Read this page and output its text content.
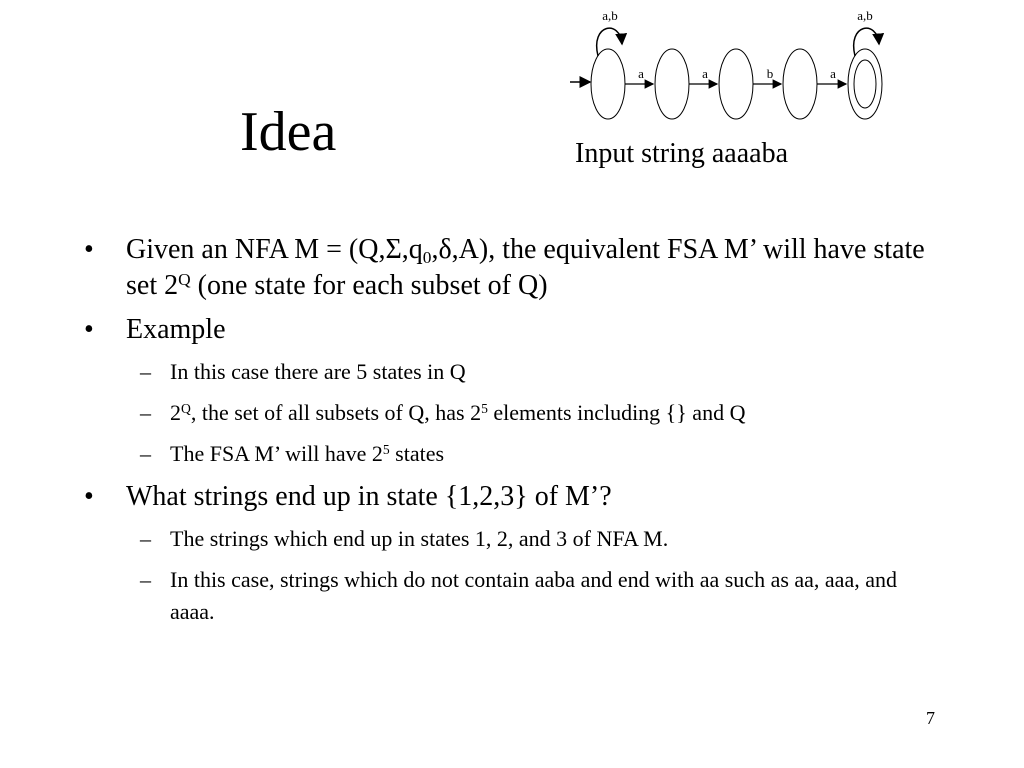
Idea
a,b	a,b
a	a	b	a
Input string aaaaba
• Given an NFA M = (Q,Σ,q0,δ,A), the equivalent FSA M’ will have state set $2^Q$ (one state for each subset of Q)
• Example
– In this case there are 5 states in Q
– $2^Q$, the set of all subsets of Q, has $2^5$ elements including {} and Q
– The FSA M’ will have $2^5$ states
• What strings end up in state {1,2,3} of M’?
– The strings which end up in states 1, 2, and 3 of NFA M.
– In this case, strings which do not contain aaba and end with aa such as aa, aaa, and aaaa.
7
